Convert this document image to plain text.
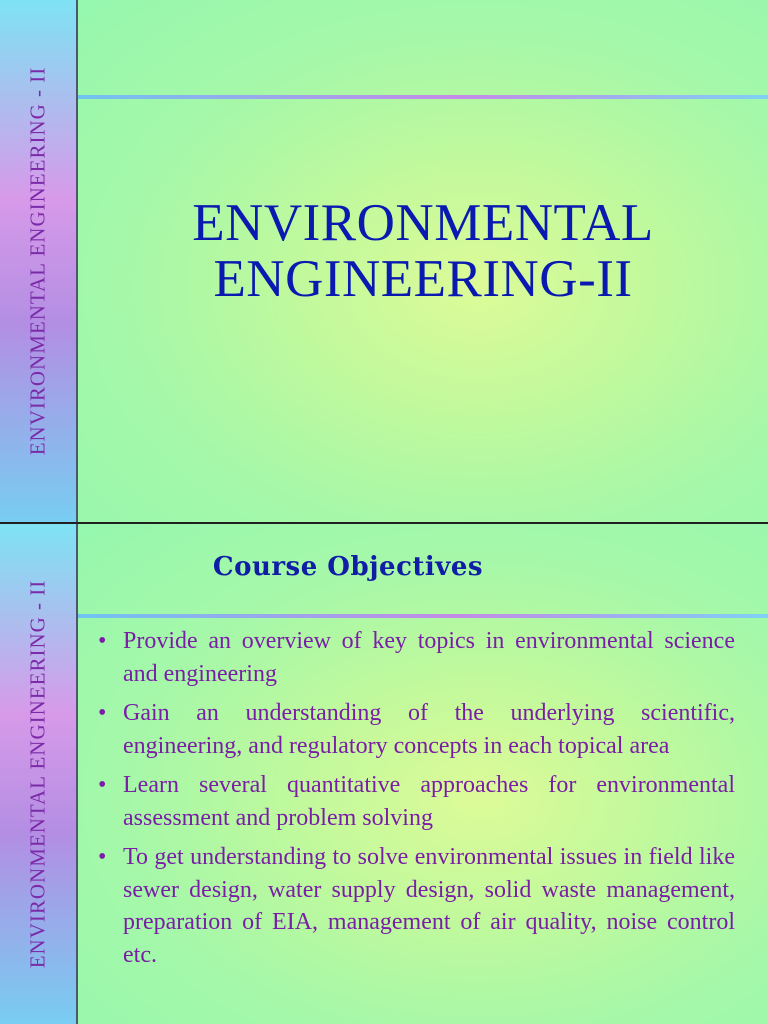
ENVIRONMENTAL ENGINEERING - II	ENVIRONMENTAL
ENGINEERING-II
ENVIRONMENTAL ENGINEERING - II
Course Objectives
• Provide an overview of key topics in environmental science and engineering
• Gain an understanding of the underlying scientific, engineering, and regulatory concepts in each topical area
• Learn several quantitative approaches for environmental assessment and problem solving
• To get understanding to solve environmental issues in field like sewer design, water supply design, solid waste management, preparation of EIA, management of air quality, noise control etc.
